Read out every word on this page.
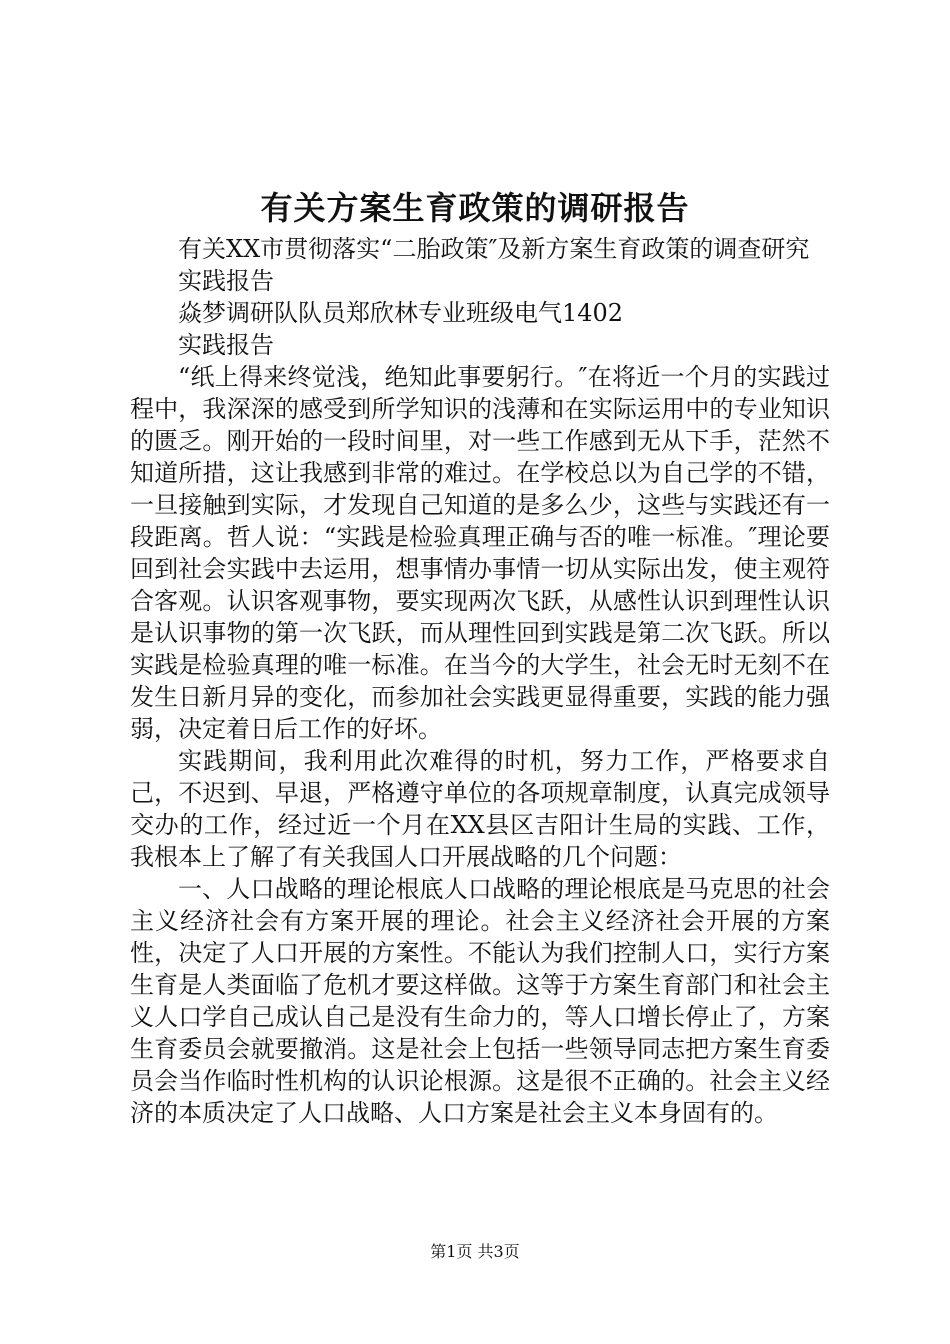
有关方案生育政策的调研报告

有关XX市贯彻落实“二胎政策″及新方案生育政策的调查研究

实践报告

焱梦调研队队员郑欣林专业班级电气1402

实践报告

“纸上得来终觉浅，绝知此事要躬行。″在将近一个月的实践过程中，我深深的感受到所学知识的浅薄和在实际运用中的专业知识的匮乏。刚开始的一段时间里，对一些工作感到无从下手，茫然不知道所措，这让我感到非常的难过。在学校总以为自己学的不错，一旦接触到实际，才发现自己知道的是多么少，这些与实践还有一段距离。哲人说：“实践是检验真理正确与否的唯一标准。″理论要回到社会实践中去运用，想事情办事情一切从实际出发，使主观符合客观。认识客观事物，要实现两次飞跃，从感性认识到理性认识是认识事物的第一次飞跃，而从理性回到实践是第二次飞跃。所以实践是检验真理的唯一标准。在当今的大学生，社会无时无刻不在发生日新月异的变化，而参加社会实践更显得重要，实践的能力强弱，决定着日后工作的好坏。

实践期间，我利用此次难得的时机，努力工作，严格要求自己，不迟到、早退，严格遵守单位的各项规章制度，认真完成领导交办的工作，经过近一个月在XX县区吉阳计生局的实践、工作，我根本上了解了有关我国人口开展战略的几个问题：

一、人口战略的理论根底人口战略的理论根底是马克思的社会主义经济社会有方案开展的理论。社会主义经济社会开展的方案性，决定了人口开展的方案性。不能认为我们控制人口，实行方案生育是人类面临了危机才要这样做。这等于方案生育部门和社会主义人口学自己成认自己是没有生命力的，等人口增长停止了，方案生育委员会就要撤消。这是社会上包括一些领导同志把方案生育委员会当作临时性机构的认识论根源。这是很不正确的。社会主义经济的本质决定了人口战略、人口方案是社会主义本身固有的。

第1页 共3页
